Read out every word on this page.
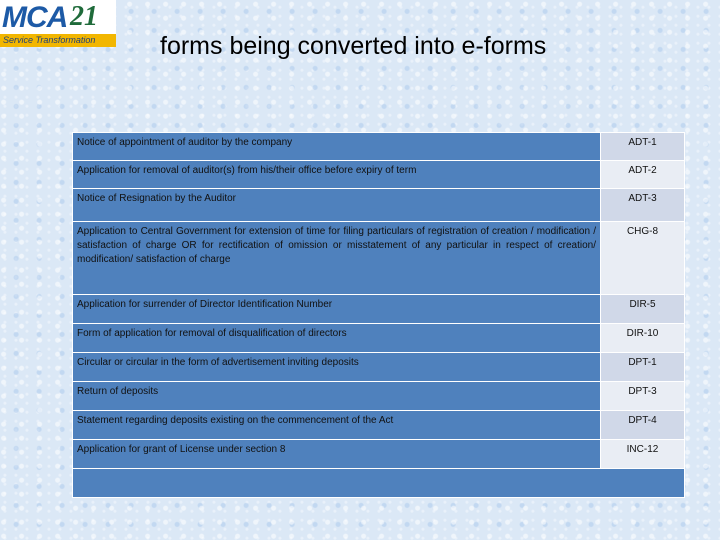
MCA 21
Service Transformation	forms being converted into e-forms
Notice of appointment of auditor by the company	ADT-1
Application for removal of auditor(s) from his/their office before expiry of term	ADT-2
Notice of Resignation by the Auditor	ADT-3
Application to Central Government for extension of time for filing particulars of registration of creation / modification / satisfaction of charge OR for rectification of omission or misstatement of any particular in respect of creation/ modification/ satisfaction of charge	CHG-8
Application for surrender of Director Identification Number	DIR-5
Form of application for removal of disqualification of directors	DIR-10
Circular or circular in the form of advertisement inviting deposits	DPT-1
Return of deposits	DPT-3
Statement regarding deposits existing on the commencement of the Act	DPT-4
Application for grant of License under section 8	INC-12
